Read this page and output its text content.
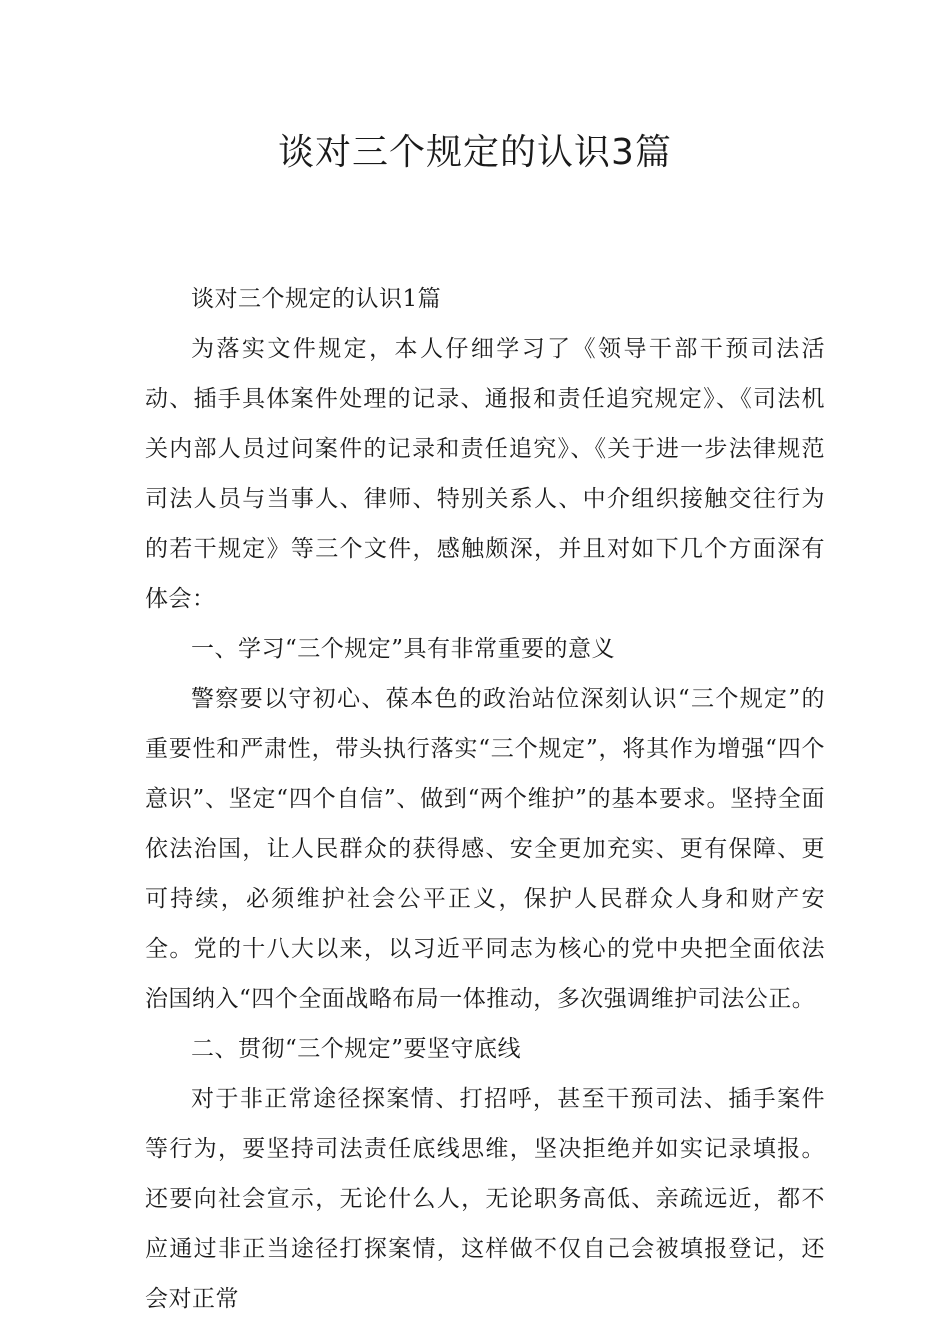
谈对三个规定的认识3篇

谈对三个规定的认识1篇

为落实文件规定，本人仔细学习了《领导干部干预司法活动、插手具体案件处理的记录、通报和责任追究规定》、《司法机关内部人员过问案件的记录和责任追究》、《关于进一步法律规范司法人员与当事人、律师、特别关系人、中介组织接触交往行为的若干规定》等三个文件，感触颇深，并且对如下几个方面深有体会：

一、学习“三个规定”具有非常重要的意义

警察要以守初心、葆本色的政治站位深刻认识“三个规定”的重要性和严肃性，带头执行落实“三个规定”，将其作为增强“四个意识”、坚定“四个自信”、做到“两个维护”的基本要求。坚持全面依法治国，让人民群众的获得感、安全更加充实、更有保障、更可持续，必须维护社会公平正义，保护人民群众人身和财产安全。党的十八大以来，以习近平同志为核心的党中央把全面依法治国纳入“四个全面战略布局一体推动，多次强调维护司法公正。

二、贯彻“三个规定”要坚守底线

对于非正常途径探案情、打招呼，甚至干预司法、插手案件等行为，要坚持司法责任底线思维，坚决拒绝并如实记录填报。还要向社会宣示，无论什么人，无论职务高低、亲疏远近，都不应通过非正当途径打探案情，这样做不仅自己会被填报登记，还会对正常
